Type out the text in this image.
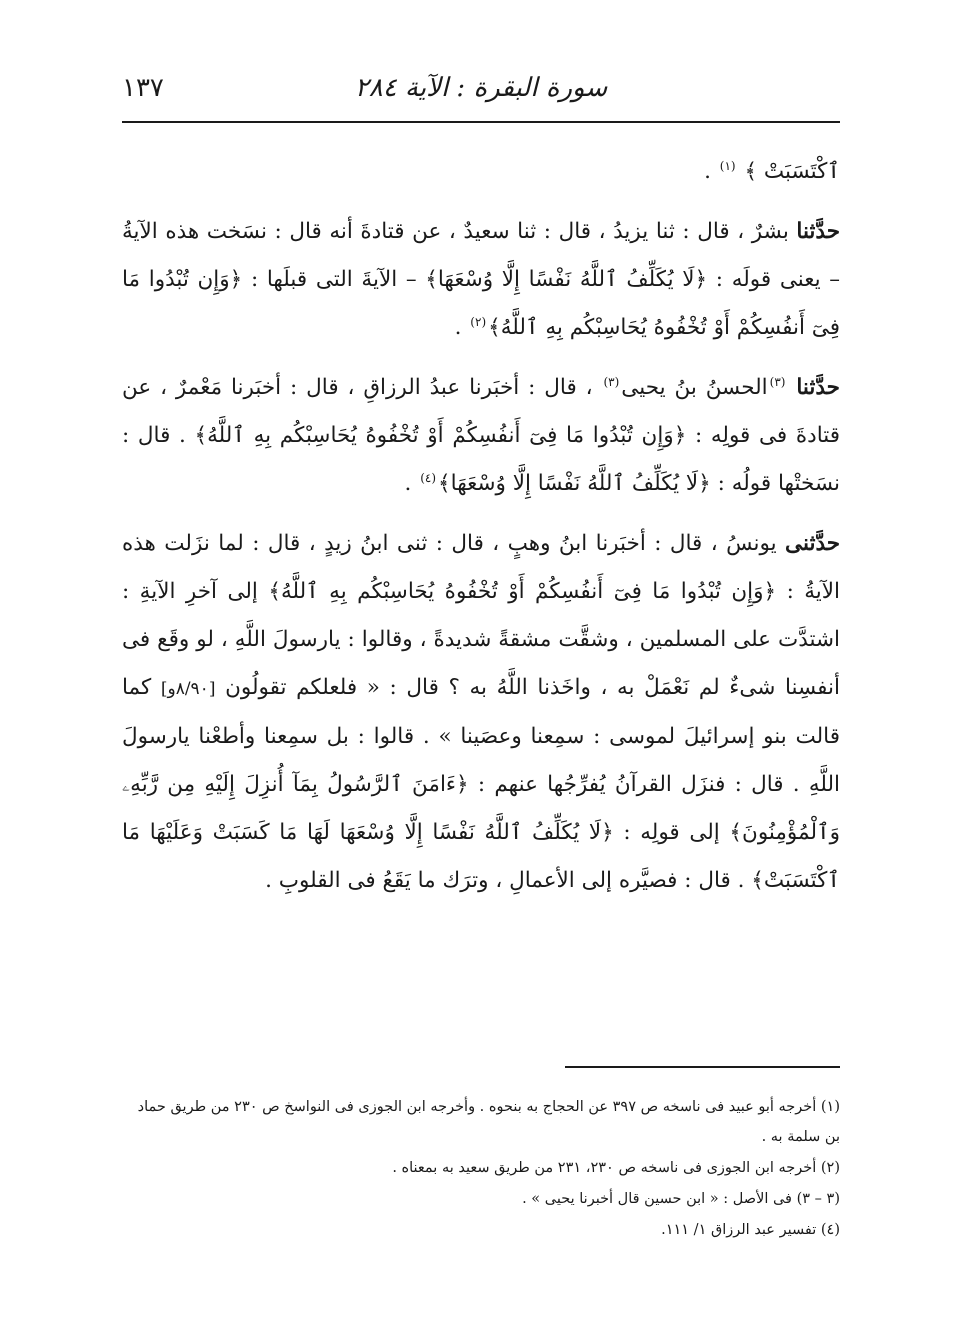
١٣٧	سورة البقرة : الآية ٢٨٤

ٱكْتَسَبَتْ ﴾ $^{(١)}$ .

حدَّثنا بشرٌ ، قال : ثنا يزيدُ ، قال : ثنا سعيدٌ ، عن قتادةَ أنه قال : نسَخت هذه الآيةُ – يعنى قولَه : ﴿لَا يُكَلِّفُ ٱللَّهُ نَفْسًا إِلَّا وُسْعَهَا﴾ – الآيةَ التى قبلَها : ﴿وَإِن تُبْدُوا مَا فِىٓ أَنفُسِكُمْ أَوْ تُخْفُوهُ يُحَاسِبْكُم بِهِ ٱللَّهُ﴾$^{(٢)}$ .

حدَّثنا $^{(٣)}$الحسنُ بنُ يحيى$^{(٣)}$ ، قال : أخبَرنا عبدُ الرزاقِ ، قال : أخبَرنا مَعْمرٌ ، عن قتادةَ فى قولِه : ﴿وَإِن تُبْدُوا مَا فِىٓ أَنفُسِكُمْ أَوْ تُخْفُوهُ يُحَاسِبْكُم بِهِ ٱللَّهُ﴾ . قال : نسَختْها قولُه : ﴿لَا يُكَلِّفُ ٱللَّهُ نَفْسًا إِلَّا وُسْعَهَا﴾$^{(٤)}$ .

حدَّثنى يونسُ ، قال : أخبَرنا ابنُ وهبٍ ، قال : ثنى ابنُ زيدٍ ، قال : لما نزَلت هذه الآيةُ : ﴿وَإِن تُبْدُوا مَا فِىٓ أَنفُسِكُمْ أَوْ تُخْفُوهُ يُحَاسِبْكُم بِهِ ٱللَّهُ﴾ إلى آخرِ الآيةِ : اشتدَّت على المسلمين ، وشقَّت مشقةً شديدةً ، وقالوا : يارسولَ اللَّهِ ، لو وقَع فى أنفسِنا شىءٌ لم نَعْمَلْ به ، واخَذنا اللَّهُ به ؟ قال : « فلعلكم تقولُون [٨/٩٠و] كما قالت بنو إسرائيلَ لموسى : سمِعنا وعصَينا » . قالوا : بل سمِعنا وأطعْنا يارسولَ اللَّهِ . قال : فنزَل القرآنُ يُفرِّجُها عنهم : ﴿ءَامَنَ ٱلرَّسُولُ بِمَآ أُنزِلَ إِلَيْهِ مِن رَّبِّهِۦ وَٱلْمُؤْمِنُونَ﴾ إلى قولِه : ﴿لَا يُكَلِّفُ ٱللَّهُ نَفْسًا إِلَّا وُسْعَهَا لَهَا مَا كَسَبَتْ وَعَلَيْهَا مَا ٱكْتَسَبَتْ﴾ . قال : فصيَّره إلى الأعمالِ ، وترَك ما يَقَعُ فى القلوبِ .

(١) أخرجه أبو عبيد فى ناسخه ص ٣٩٧ عن الحجاج به بنحوه . وأخرجه ابن الجوزى فى النواسخ ص ٢٣٠ من طريق حماد بن سلمة به .

(٢) أخرجه ابن الجوزى فى ناسخه ص ٢٣٠، ٢٣١ من طريق سعيد به بمعناه .

(٣ – ٣) فى الأصل : « ابن حسين قال أخبرنا يحيى » .

(٤) تفسير عبد الرزاق ١/ ١١١.
